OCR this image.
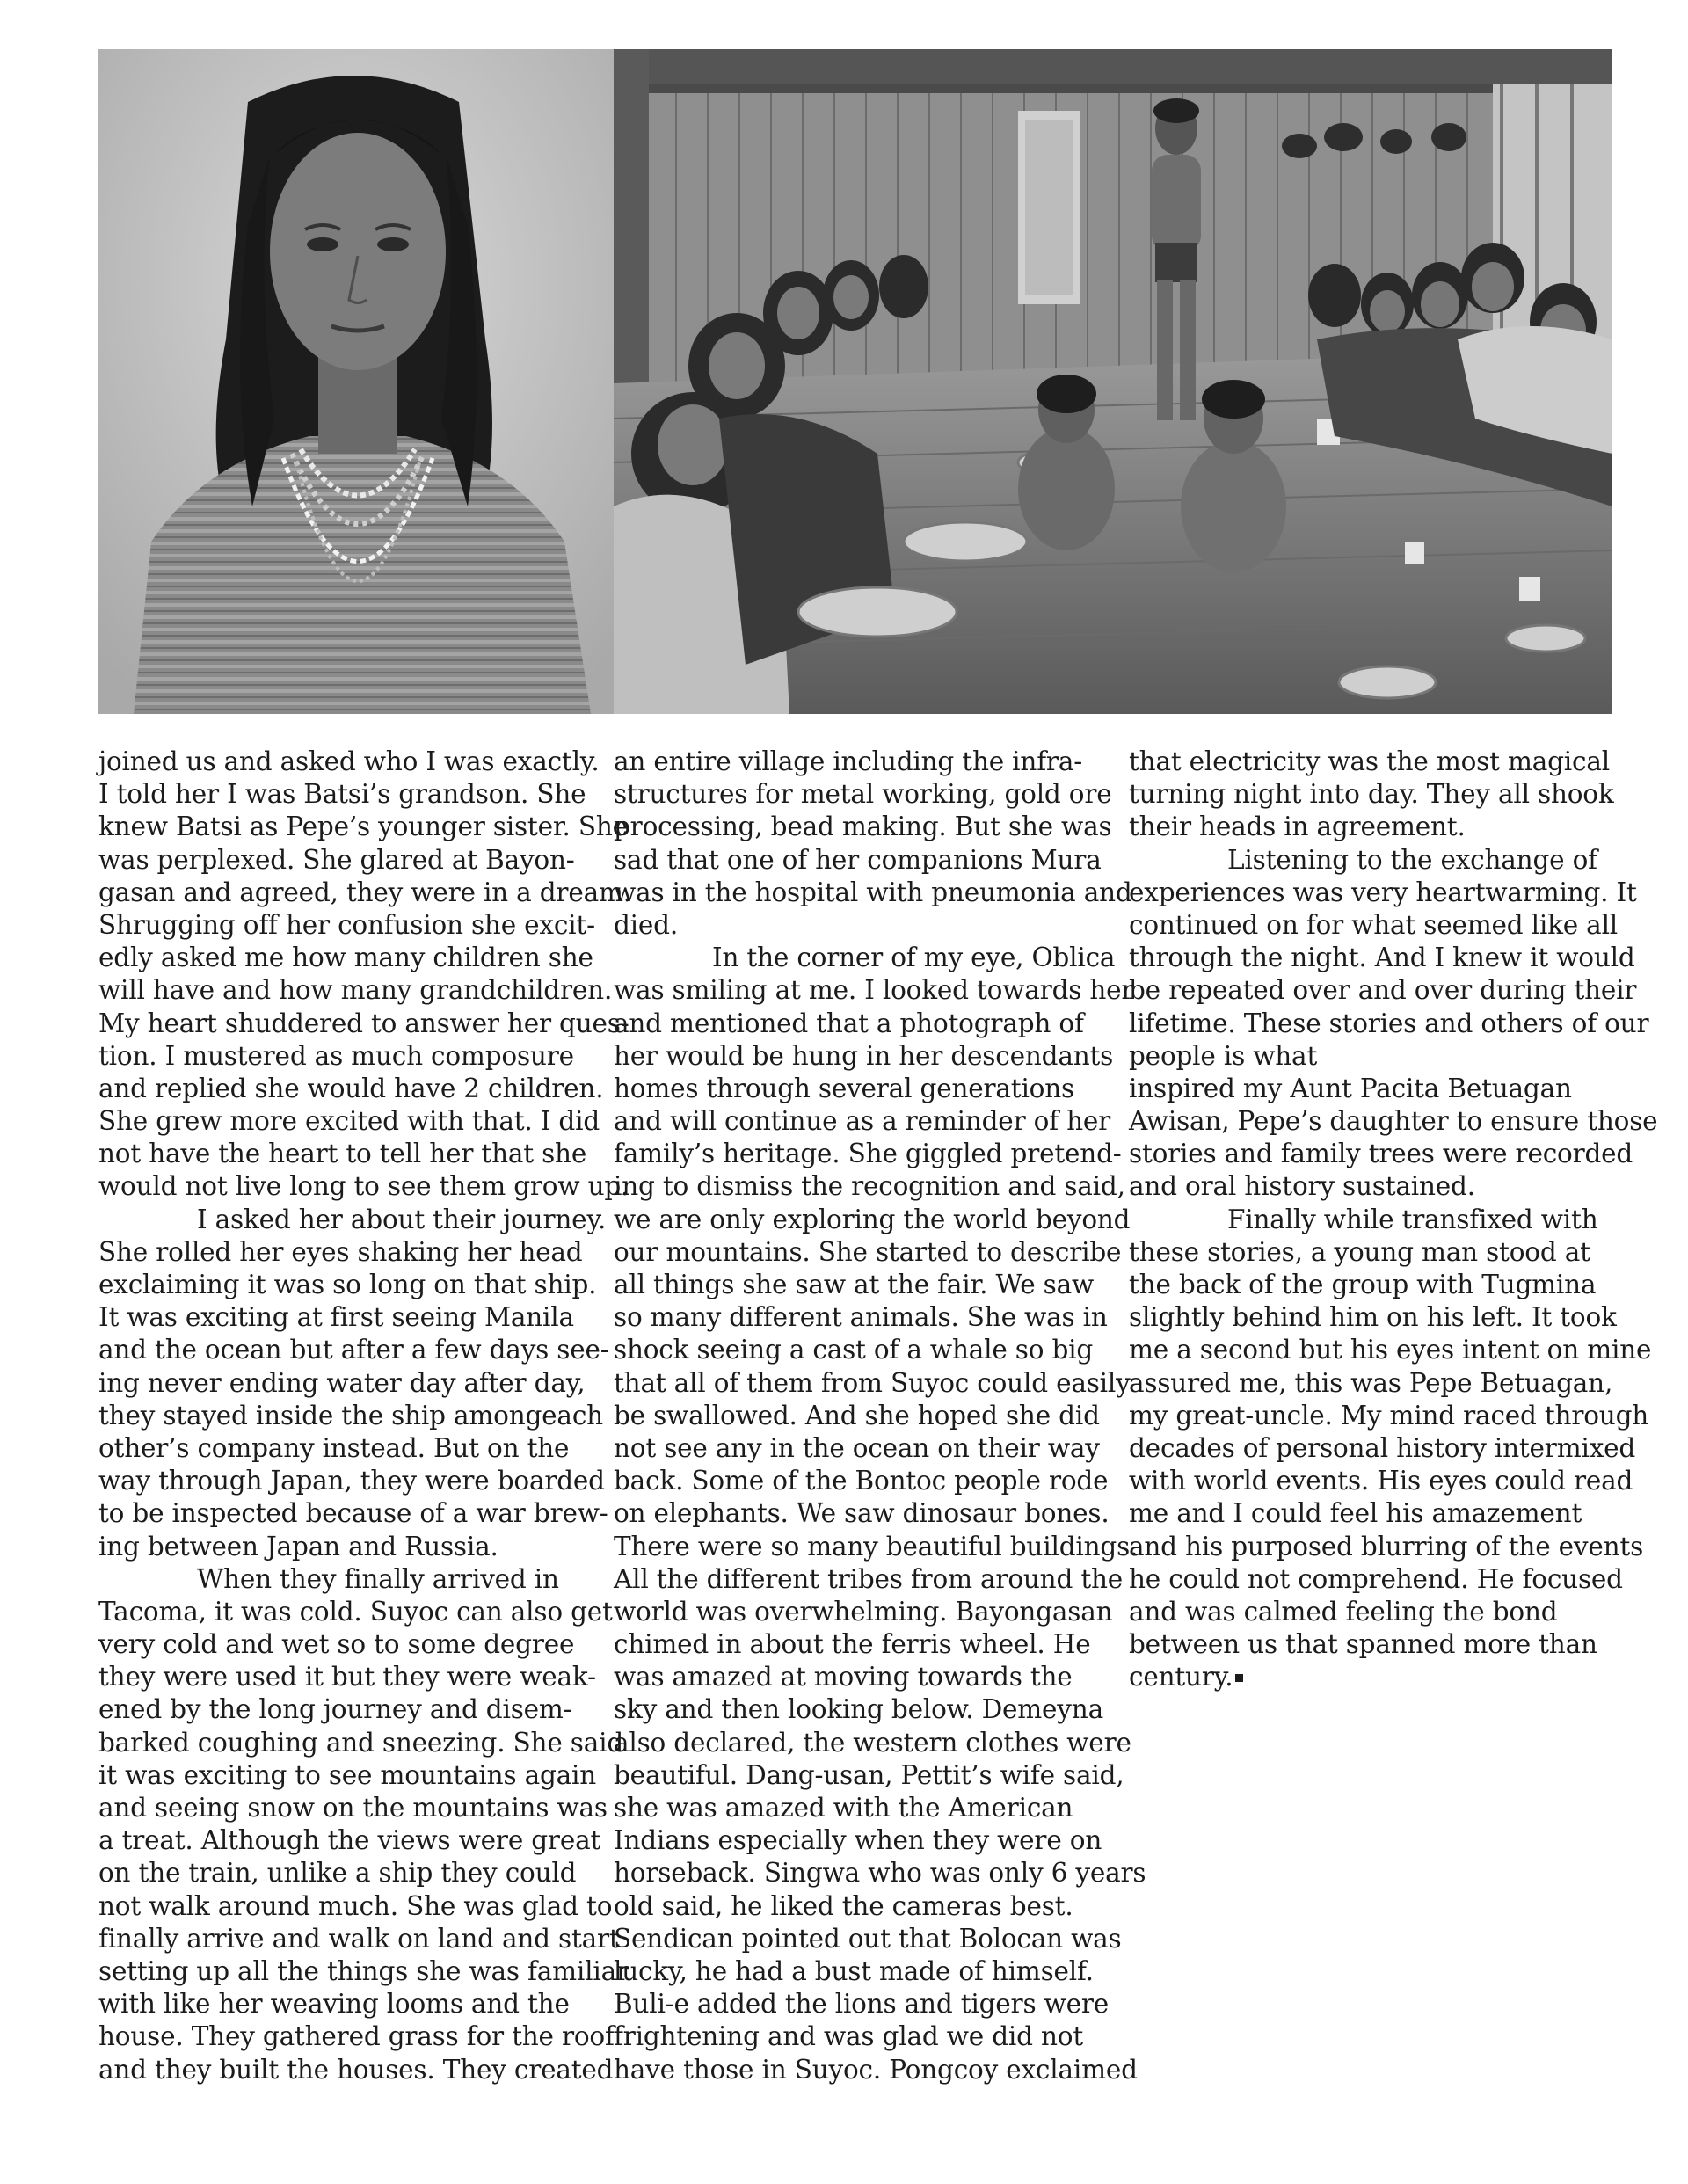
joined us and asked who I was exactly.
I told her I was Batsi’s grandson. She
knew Batsi as Pepe’s younger sister. She
was perplexed. She glared at Bayon-
gasan and agreed, they were in a dream.
Shrugging off her confusion she excit-
edly asked me how many children she
will have and how many grandchildren.
My heart shuddered to answer her ques-
tion. I mustered as much composure
and replied she would have 2 children.
She grew more excited with that. I did
not have the heart to tell her that she
would not live long to see them grow up.
I asked her about their journey.
She rolled her eyes shaking her head
exclaiming it was so long on that ship.
It was exciting at first seeing Manila
and the ocean but after a few days see-
ing never ending water day after day,
they stayed inside the ship amongeach
other’s company instead. But on the
way through Japan, they were boarded
to be inspected because of a war brew-
ing between Japan and Russia.
When they finally arrived in
Tacoma, it was cold. Suyoc can also get
very cold and wet so to some degree
they were used it but they were weak-
ened by the long journey and disem-
barked coughing and sneezing. She said
it was exciting to see mountains again
and seeing snow on the mountains was
a treat. Although the views were great
on the train, unlike a ship they could
not walk around much. She was glad to
finally arrive and walk on land and start
setting up all the things she was familiar
with like her weaving looms and the
house. They gathered grass for the roof
and they built the houses. They created
an entire village including the infra-
structures for metal working, gold ore
processing, bead making. But she was
sad that one of her companions Mura
was in the hospital with pneumonia and
died.
In the corner of my eye, Oblica
was smiling at me. I looked towards her
and mentioned that a photograph of
her would be hung in her descendants
homes through several generations
and will continue as a reminder of her
family’s heritage. She giggled pretend-
ing to dismiss the recognition and said,
we are only exploring the world beyond
our mountains. She started to describe
all things she saw at the fair. We saw
so many different animals. She was in
shock seeing a cast of a whale so big
that all of them from Suyoc could easily
be swallowed. And she hoped she did
not see any in the ocean on their way
back. Some of the Bontoc people rode
on elephants. We saw dinosaur bones.
There were so many beautiful buildings.
All the different tribes from around the
world was overwhelming. Bayongasan
chimed in about the ferris wheel. He
was amazed at moving towards the
sky and then looking below. Demeyna
also declared, the western clothes were
beautiful. Dang-usan, Pettit’s wife said,
she was amazed with the American
Indians especially when they were on
horseback. Singwa who was only 6 years
old said, he liked the cameras best.
Sendican pointed out that Bolocan was
lucky, he had a bust made of himself.
Buli-e added the lions and tigers were
frightening and was glad we did not
have those in Suyoc. Pongcoy exclaimed
that electricity was the most magical
turning night into day. They all shook
their heads in agreement.
Listening to the exchange of
experiences was very heartwarming. It
continued on for what seemed like all
through the night. And I knew it would
be repeated over and over during their
lifetime. These stories and others of our
people is what
inspired my Aunt Pacita Betuagan
Awisan, Pepe’s daughter to ensure those
stories and family trees were recorded
and oral history sustained.
Finally while transfixed with
these stories, a young man stood at
the back of the group with Tugmina
slightly behind him on his left. It took
me a second but his eyes intent on mine
assured me, this was Pepe Betuagan,
my great-uncle. My mind raced through
decades of personal history intermixed
with world events. His eyes could read
me and I could feel his amazement
and his purposed blurring of the events
he could not comprehend. He focused
and was calmed feeling the bond
between us that spanned more than
century.
